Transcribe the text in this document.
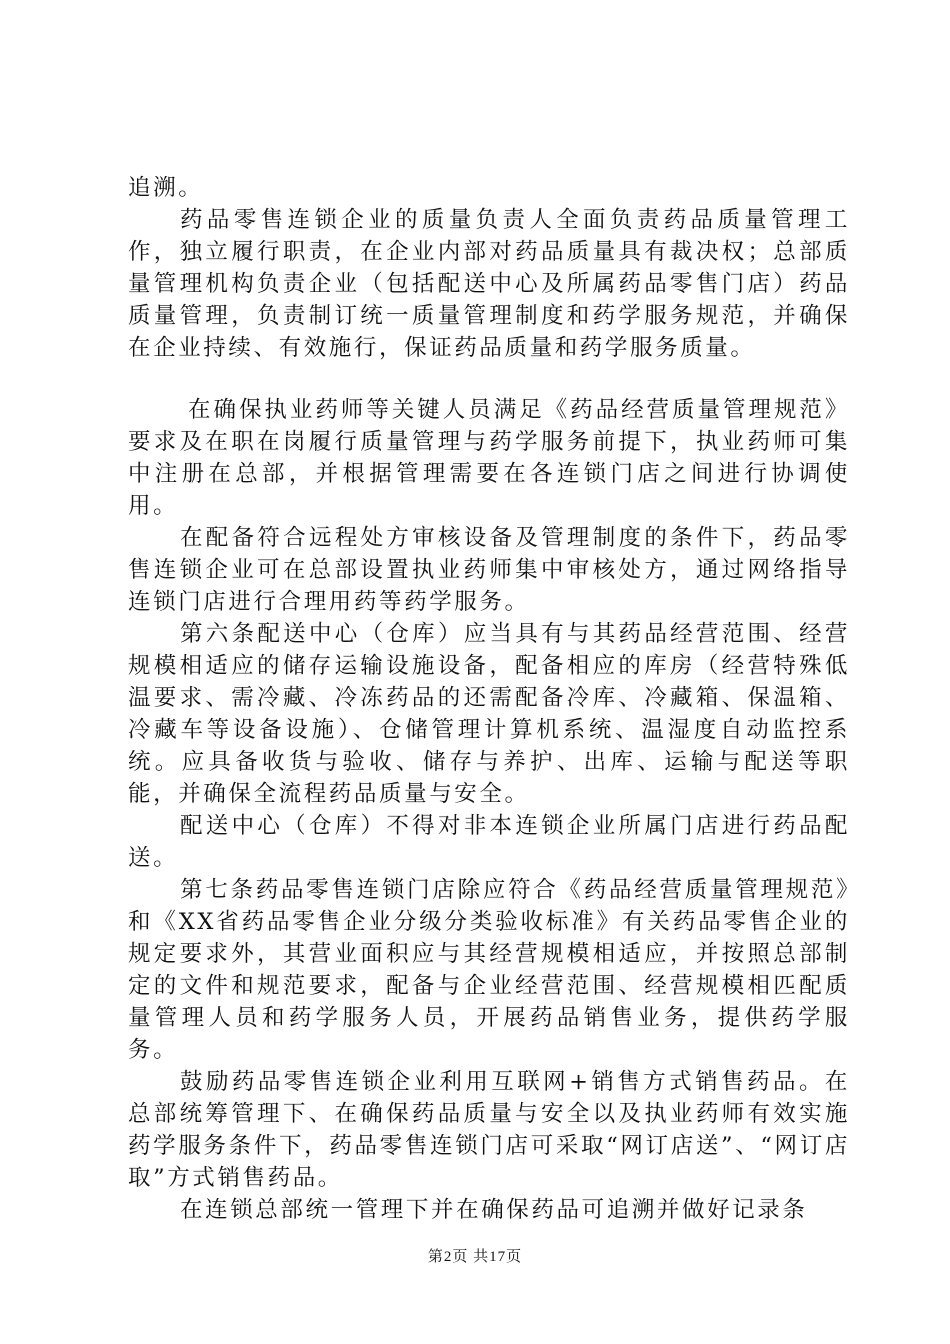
追溯。

药品零售连锁企业的质量负责人全面负责药品质量管理工作，独立履行职责，在企业内部对药品质量具有裁决权；总部质量管理机构负责企业（包括配送中心及所属药品零售门店）药品质量管理，负责制订统一质量管理制度和药学服务规范，并确保在企业持续、有效施行，保证药品质量和药学服务质量。

在确保执业药师等关键人员满足《药品经营质量管理规范》要求及在职在岗履行质量管理与药学服务前提下，执业药师可集中注册在总部，并根据管理需要在各连锁门店之间进行协调使用。

在配备符合远程处方审核设备及管理制度的条件下，药品零售连锁企业可在总部设置执业药师集中审核处方，通过网络指导连锁门店进行合理用药等药学服务。

第六条配送中心（仓库）应当具有与其药品经营范围、经营规模相适应的储存运输设施设备，配备相应的库房（经营特殊低温要求、需冷藏、冷冻药品的还需配备冷库、冷藏箱、保温箱、冷藏车等设备设施）、仓储管理计算机系统、温湿度自动监控系统。应具备收货与验收、储存与养护、出库、运输与配送等职能，并确保全流程药品质量与安全。

配送中心（仓库）不得对非本连锁企业所属门店进行药品配送。

第七条药品零售连锁门店除应符合《药品经营质量管理规范》和《XX省药品零售企业分级分类验收标准》有关药品零售企业的规定要求外，其营业面积应与其经营规模相适应，并按照总部制定的文件和规范要求，配备与企业经营范围、经营规模相匹配质量管理人员和药学服务人员，开展药品销售业务，提供药学服务。

鼓励药品零售连锁企业利用互联网+销售方式销售药品。在总部统筹管理下、在确保药品质量与安全以及执业药师有效实施药学服务条件下，药品零售连锁门店可采取“网订店送”、“网订店取”方式销售药品。

在连锁总部统一管理下并在确保药品可追溯并做好记录条

第2页 共17页
